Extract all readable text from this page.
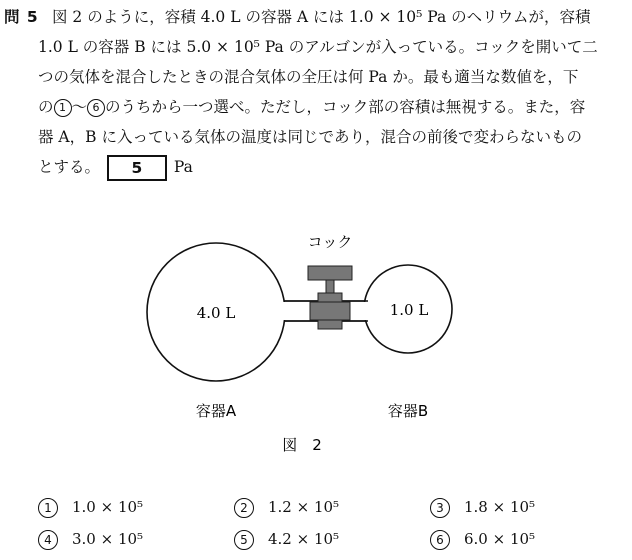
問 5 図 2 のように，容積 4.0 L の容器 A には 1.0 × 10⁵ Pa のヘリウムが，容積
1.0 L の容器 B には 5.0 × 10⁵ Pa のアルゴンが入っている。コックを開いて二
つの気体を混合したときの混合気体の全圧は何 Pa か。最も適当な数値を，下
の 1 ～ 6 のうちから一つ選べ。ただし，コック部の容積は無視する。また，容
器 A，B に入っている気体の温度は同じであり，混合の前後で変わらないもの
とする。 5 Pa
コック
4.0 L	1.0 L
容器A	容器B
図　2
1 1.0 × 10⁵	2 1.2 × 10⁵	3 1.8 × 10⁵
4 3.0 × 10⁵	5 4.2 × 10⁵	6 6.0 × 10⁵
